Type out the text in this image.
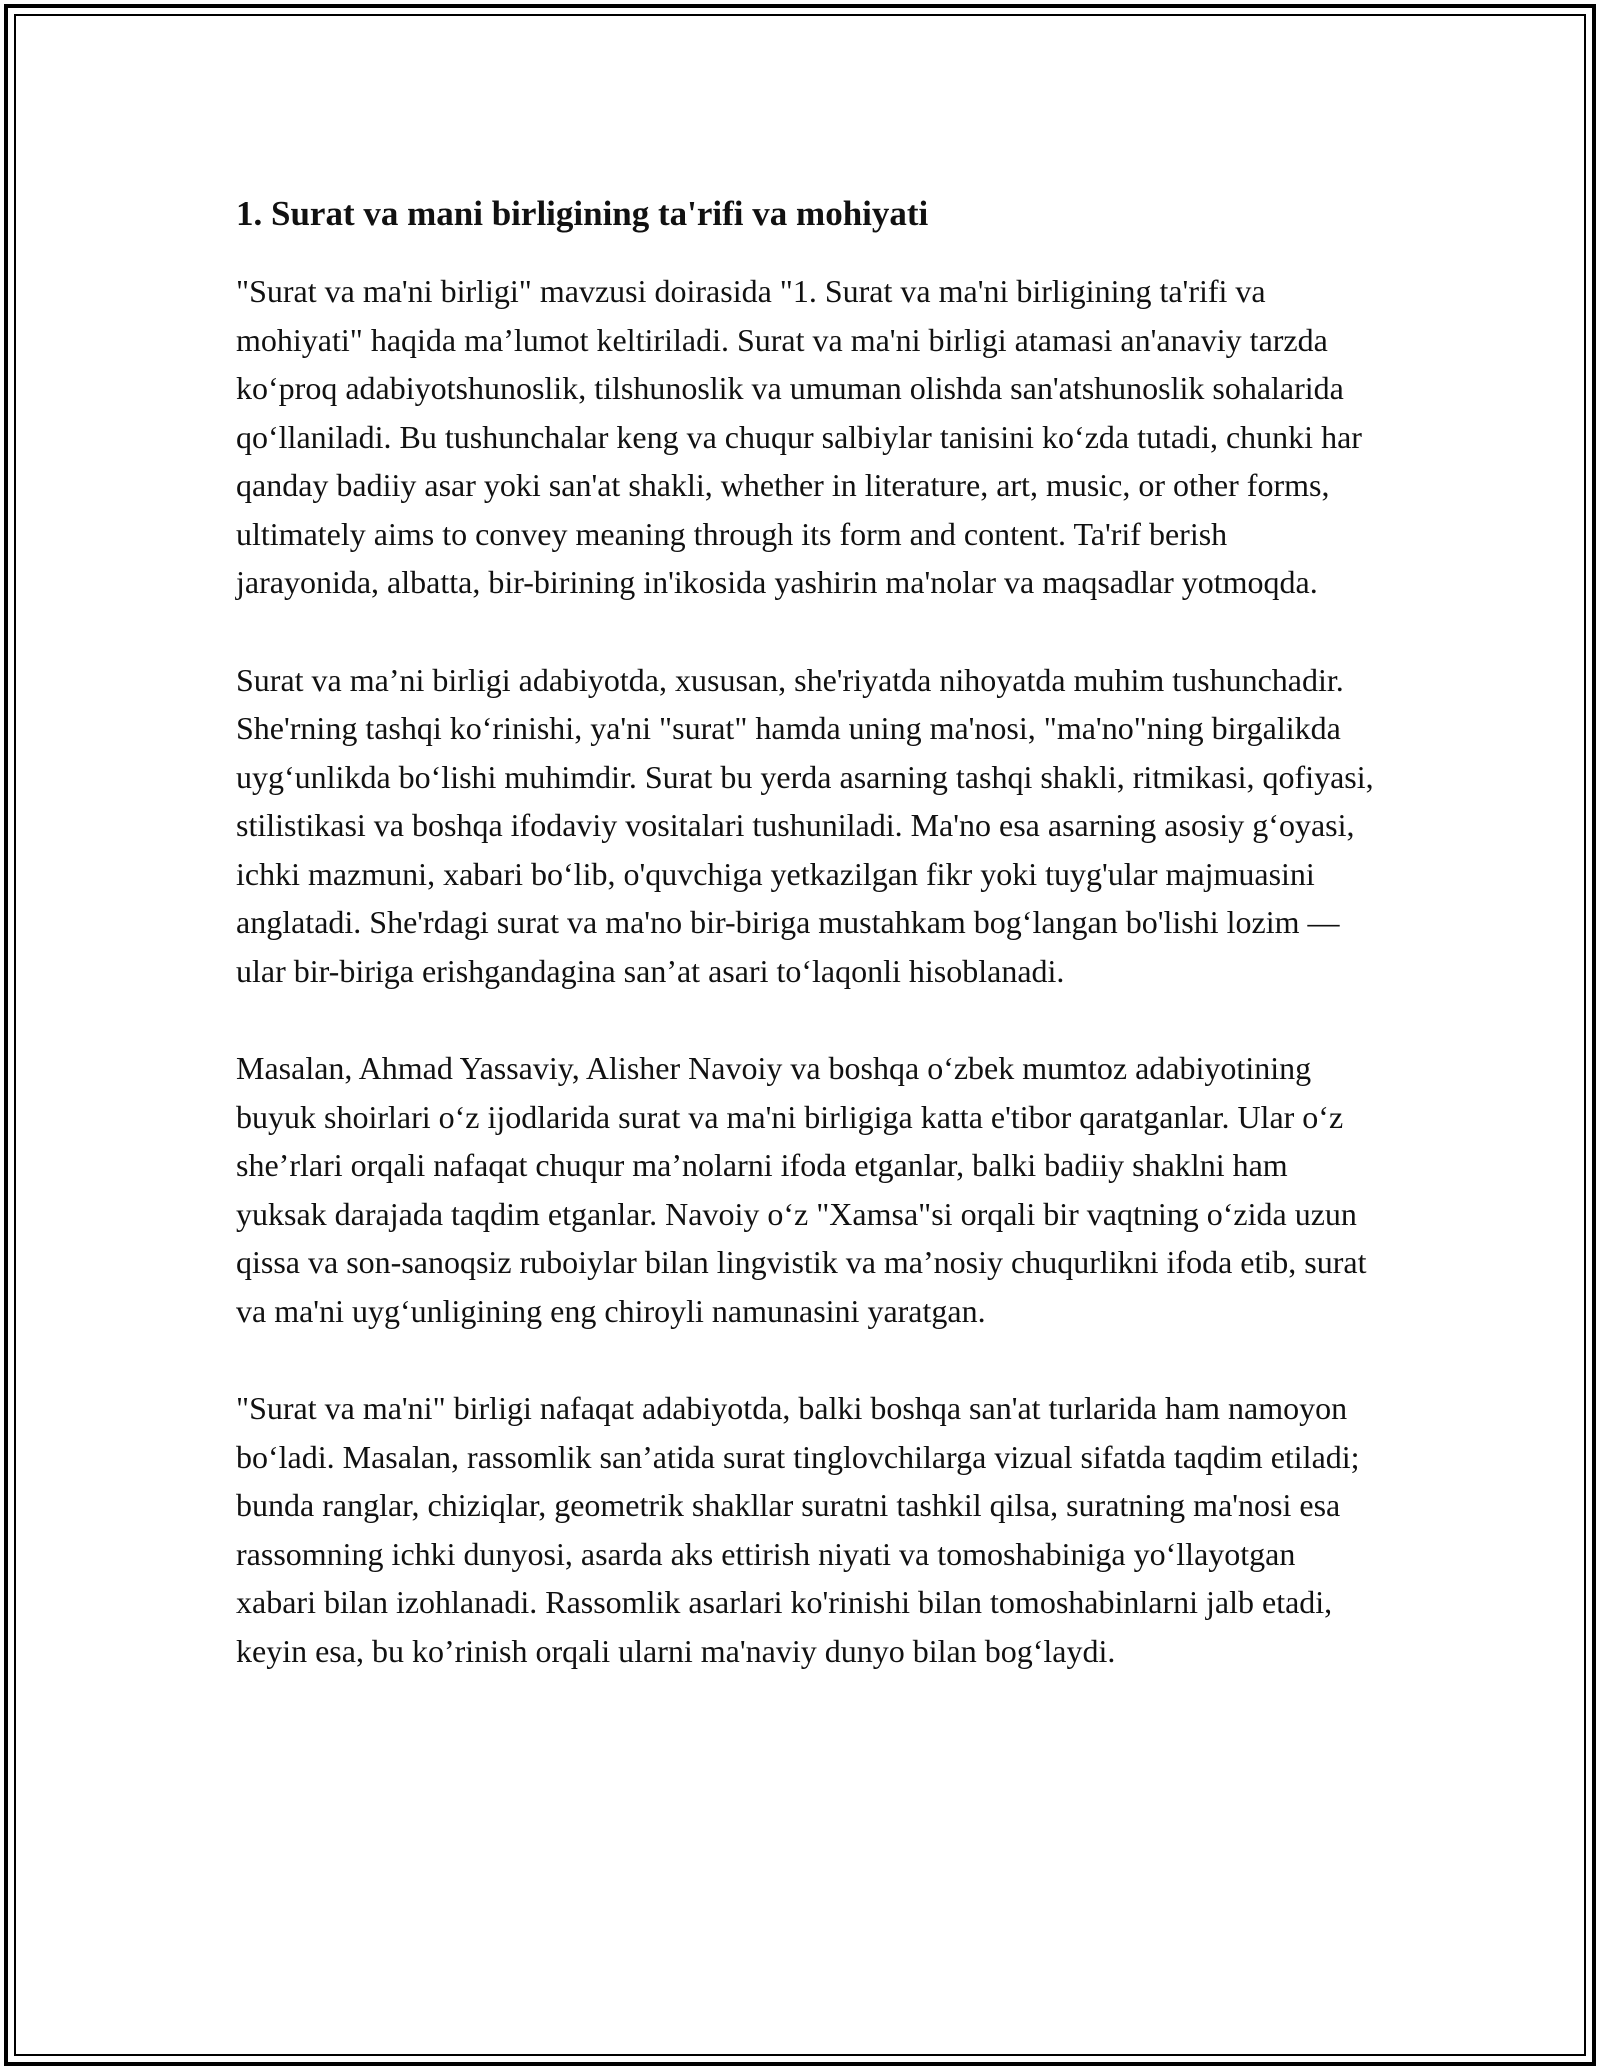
1. Surat va mani birligining ta'rifi va mohiyati

"Surat va ma'ni birligi" mavzusi doirasida "1. Surat va ma'ni birligining ta'rifi va mohiyati" haqida ma’lumot keltiriladi. Surat va ma'ni birligi atamasi an'anaviy tarzda ko‘proq adabiyotshunoslik, tilshunoslik va umuman olishda san'atshunoslik sohalarida qo‘llaniladi. Bu tushunchalar keng va chuqur salbiylar tanisini ko‘zda tutadi, chunki har qanday badiiy asar yoki san'at shakli, whether in literature, art, music, or other forms, ultimately aims to convey meaning through its form and content. Ta'rif berish jarayonida, albatta, bir-birining in'ikosida yashirin ma'nolar va maqsadlar yotmoqda.

Surat va ma’ni birligi adabiyotda, xususan, she'riyatda nihoyatda muhim tushunchadir. She'rning tashqi ko‘rinishi, ya'ni "surat" hamda uning ma'nosi, "ma'no"ning birgalikda uyg‘unlikda bo‘lishi muhimdir. Surat bu yerda asarning tashqi shakli, ritmikasi, qofiyasi, stilistikasi va boshqa ifodaviy vositalari tushuniladi. Ma'no esa asarning asosiy g‘oyasi, ichki mazmuni, xabari bo‘lib, o'quvchiga yetkazilgan fikr yoki tuyg'ular majmuasini anglatadi. She'rdagi surat va ma'no bir-biriga mustahkam bog‘langan bo'lishi lozim — ular bir-biriga erishgandagina san’at asari to‘laqonli hisoblanadi.

Masalan, Ahmad Yassaviy, Alisher Navoiy va boshqa o‘zbek mumtoz adabiyotining buyuk shoirlari o‘z ijodlarida surat va ma'ni birligiga katta e'tibor qaratganlar. Ular o‘z she’rlari orqali nafaqat chuqur ma’nolarni ifoda etganlar, balki badiiy shaklni ham yuksak darajada taqdim etganlar. Navoiy o‘z "Xamsa"si orqali bir vaqtning o‘zida uzun qissa va son-sanoqsiz ruboiylar bilan lingvistik va ma’nosiy chuqurlikni ifoda etib, surat va ma'ni uyg‘unligining eng chiroyli namunasini yaratgan.

"Surat va ma'ni" birligi nafaqat adabiyotda, balki boshqa san'at turlarida ham namoyon bo‘ladi. Masalan, rassomlik san’atida surat tinglovchilarga vizual sifatda taqdim etiladi; bunda ranglar, chiziqlar, geometrik shakllar suratni tashkil qilsa, suratning ma'nosi esa rassomning ichki dunyosi, asarda aks ettirish niyati va tomoshabiniga yo‘llayotgan xabari bilan izohlanadi. Rassomlik asarlari ko'rinishi bilan tomoshabinlarni jalb etadi, keyin esa, bu ko’rinish orqali ularni ma'naviy dunyo bilan bog‘laydi.
